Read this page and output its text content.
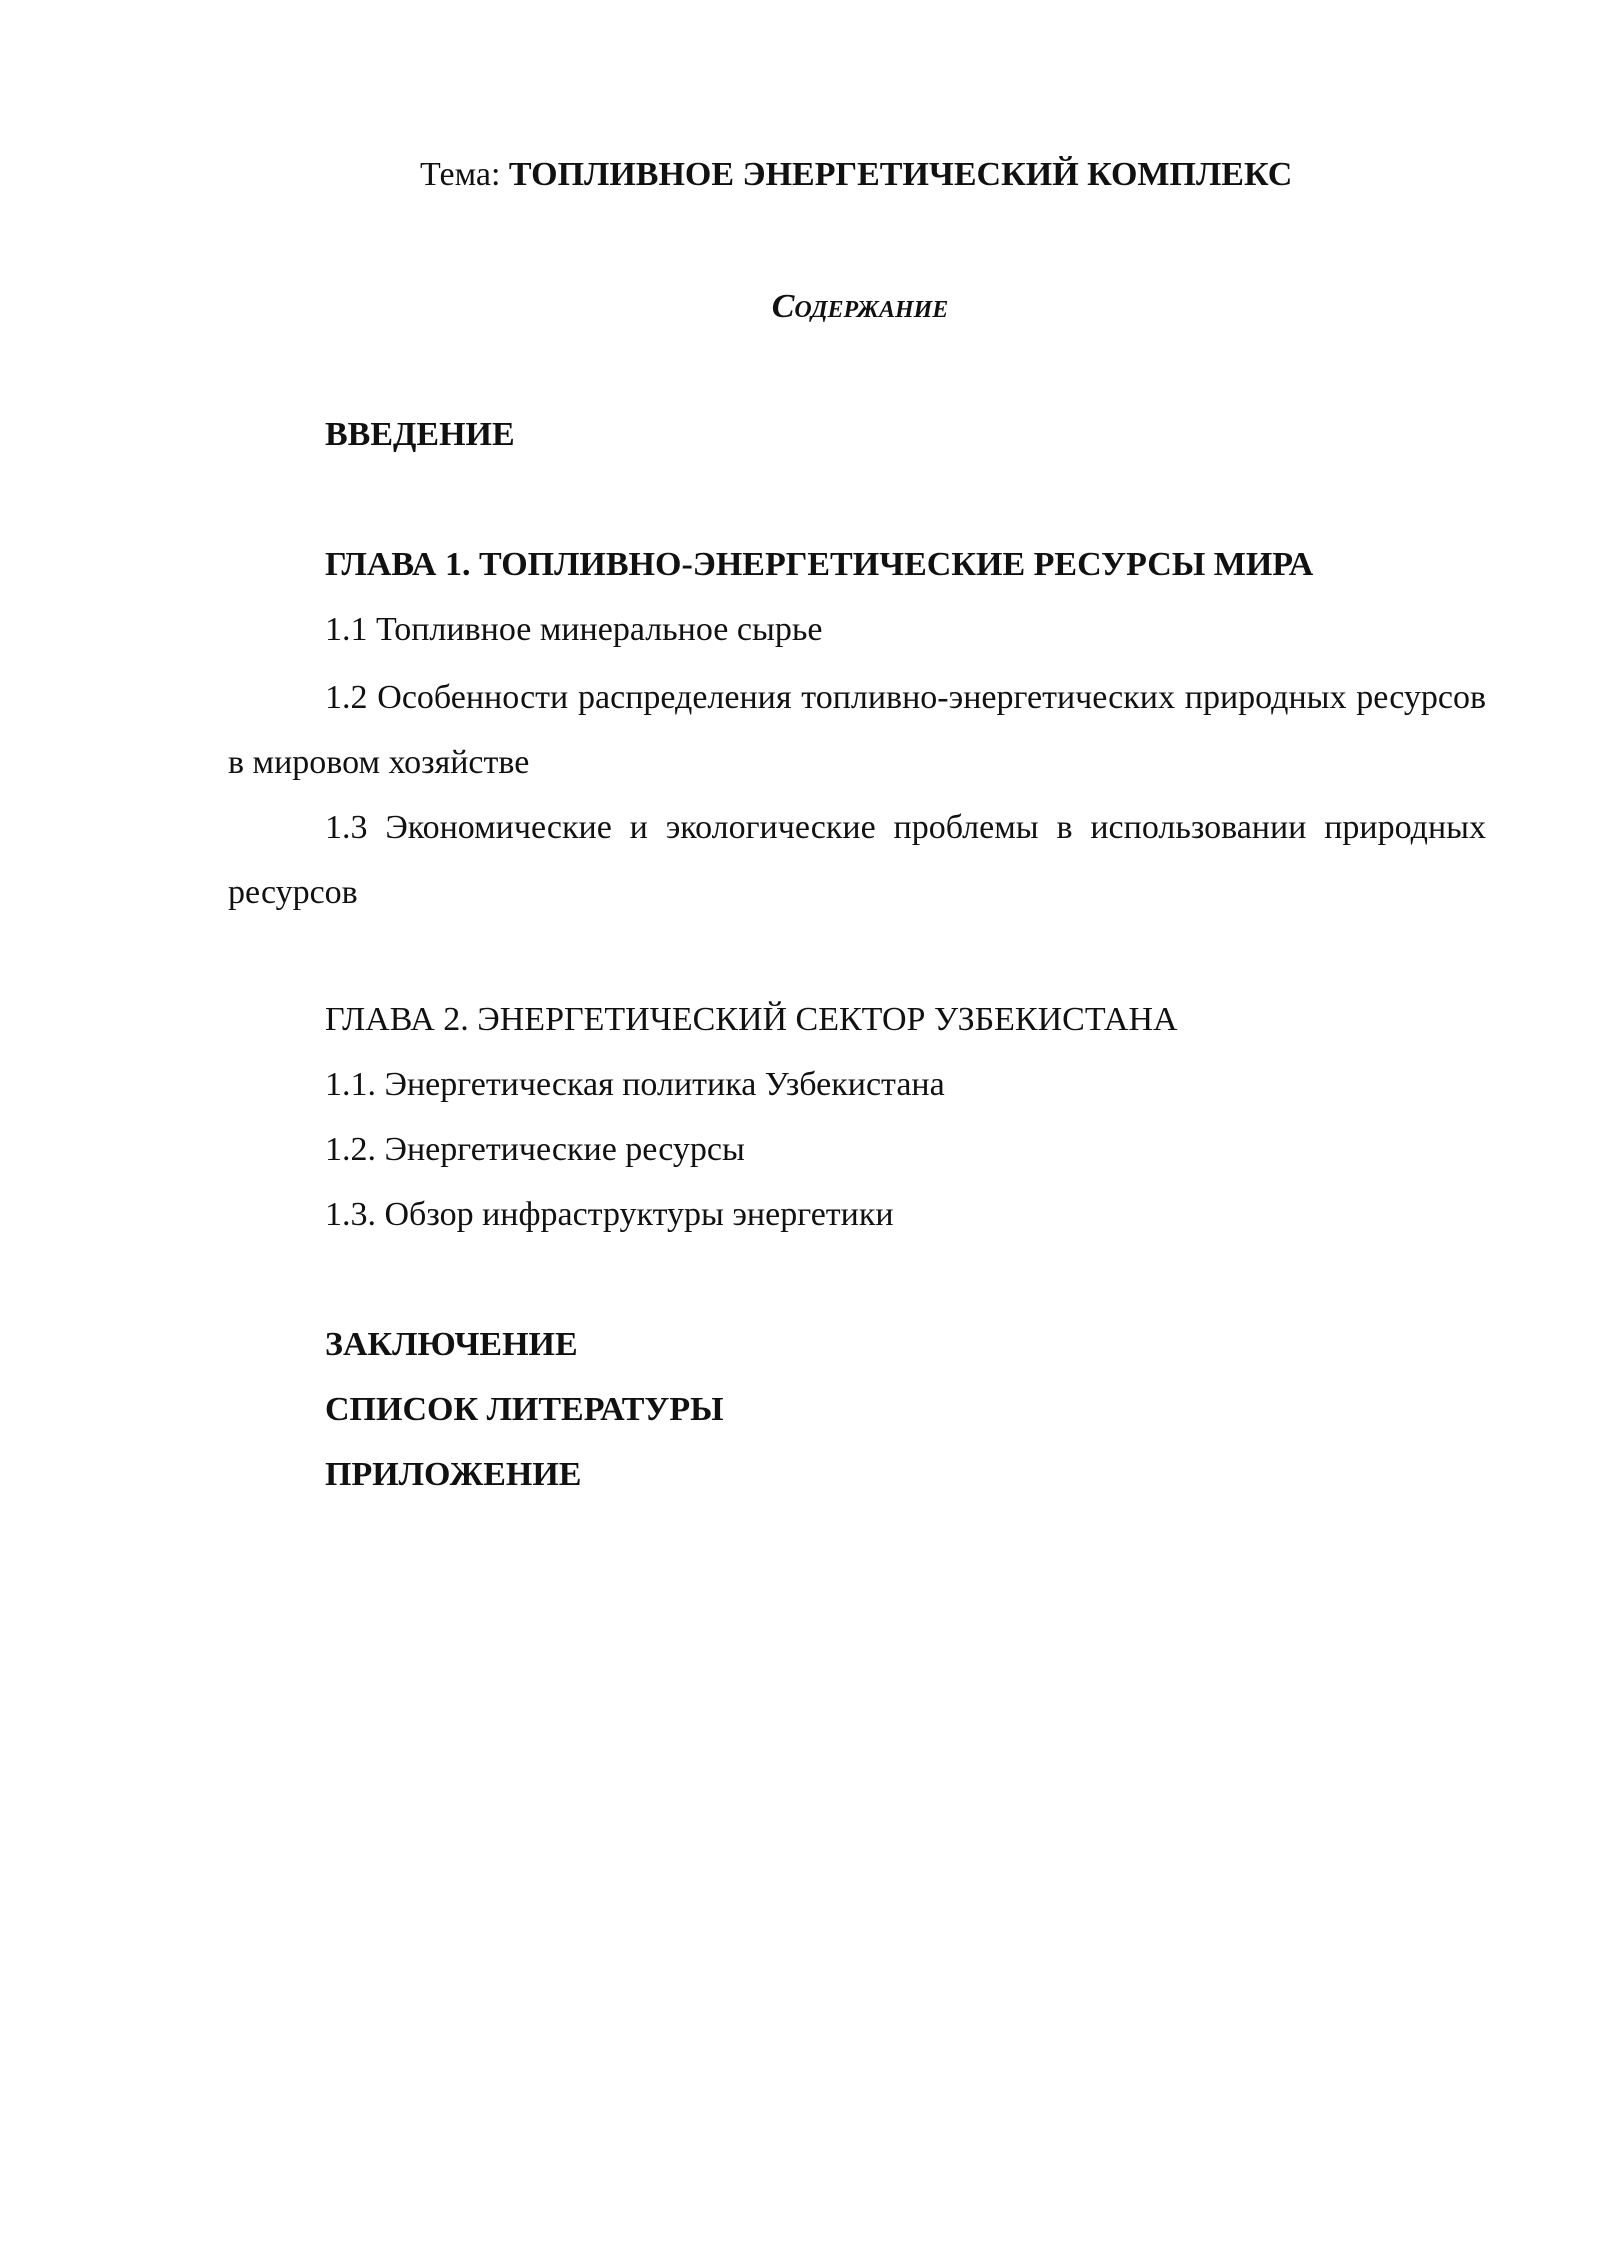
Тема: ТОПЛИВНОЕ ЭНЕРГЕТИЧЕСКИЙ КОМПЛЕКС
Содержание
ВВЕДЕНИЕ
ГЛАВА 1. ТОПЛИВНО-ЭНЕРГЕТИЧЕСКИЕ РЕСУРСЫ МИРА
1.1 Топливное минеральное сырье
1.2 Особенности распределения топливно-энергетических природных ресурсов в мировом хозяйстве
1.3 Экономические и экологические проблемы в использовании природных ресурсов
ГЛАВА 2. ЭНЕРГЕТИЧЕСКИЙ СЕКТОР УЗБЕКИСТАНА
1.1. Энергетическая политика Узбекистана
1.2. Энергетические ресурсы
1.3. Обзор инфраструктуры энергетики
ЗАКЛЮЧЕНИЕ
СПИСОК ЛИТЕРАТУРЫ
ПРИЛОЖЕНИЕ
